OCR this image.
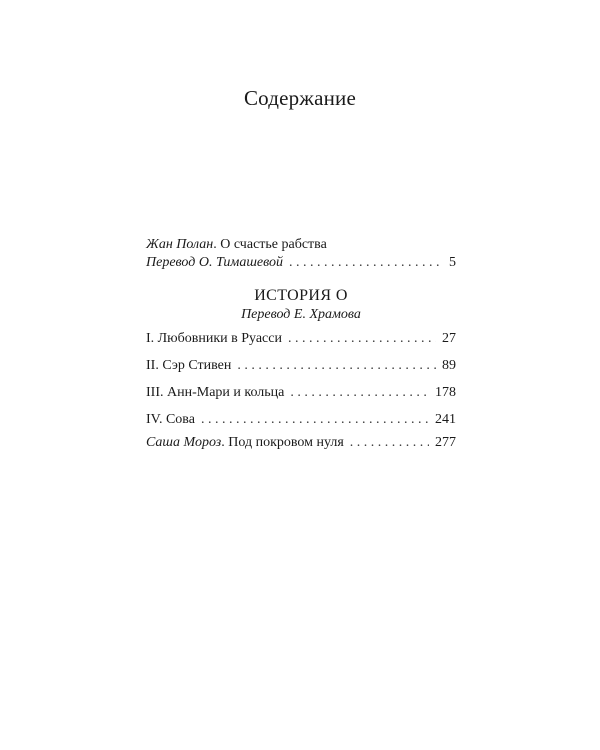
Содержание
Жан Полан . О счастье рабства
Перевод О. Тимашевой . . .	5
ИСТОРИЯ О
Перевод Е. Храмова
I. Любовники в Руасси . . .	27
II. Сэр Стивен . . .	89
III. Анн-Мари и кольца . . .	178
IV. Сова . . .	241
Саша Мороз . Под покровом нуля . . .	277
